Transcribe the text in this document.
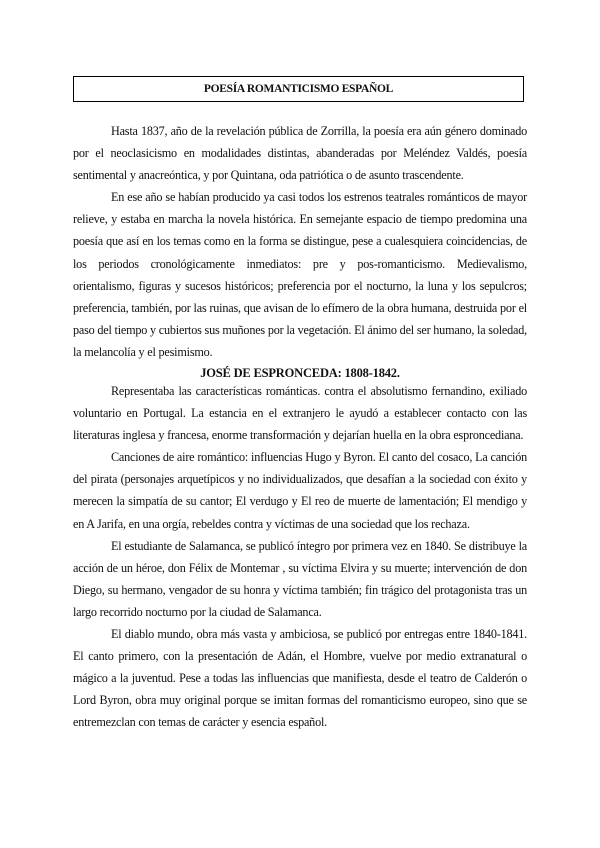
POESÍA ROMANTICISMO ESPAÑOL

Hasta 1837, año de la revelación pública de Zorrilla, la poesía era aún género dominado por el neoclasicismo en modalidades distintas, abanderadas por Meléndez Valdés, poesía sentimental y anacreóntica, y por Quintana, oda patriótica o de asunto trascendente.

En ese año se habían producido ya casi todos los estrenos teatrales románticos de mayor relieve, y estaba en marcha la novela histórica. En semejante espacio de tiempo predomina una poesía que así en los temas como en la forma se distingue, pese a cualesquiera coincidencias, de los periodos cronológicamente inmediatos: pre y pos-romanticismo. Medievalismo, orientalismo, figuras y sucesos históricos; preferencia por el nocturno, la luna y los sepulcros; preferencia, también, por las ruinas, que avisan de lo efímero de la obra humana, destruida por el paso del tiempo y cubiertos sus muñones por la vegetación. El ánimo del ser humano, la soledad, la melancolía y el pesimismo.

JOSÉ DE ESPRONCEDA: 1808-1842.

Representaba las características románticas. contra el absolutismo fernandino, exiliado voluntario en Portugal. La estancia en el extranjero le ayudó a establecer contacto con las literaturas inglesa y francesa, enorme transformación y dejarían huella en la obra esproncediana.

Canciones de aire romántico: influencias Hugo y Byron. El canto del cosaco, La canción del pirata (personajes arquetípicos y no individualizados, que desafían a la sociedad con éxito y merecen la simpatía de su cantor; El verdugo y El reo de muerte de lamentación; El mendigo y en A Jarifa, en una orgía, rebeldes contra y víctimas de una sociedad que los rechaza.

El estudiante de Salamanca, se publicó íntegro por primera vez en 1840. Se distribuye la acción de un héroe, don Félix de Montemar , su víctima Elvira y su muerte; intervención de don Diego, su hermano, vengador de su honra y víctima también; fin trágico del protagonista tras un largo recorrido nocturno por la ciudad de Salamanca.

El diablo mundo, obra más vasta y ambiciosa, se publicó por entregas entre 1840-1841. El canto primero, con la presentación de Adán, el Hombre, vuelve por medio extranatural o mágico a la juventud. Pese a todas las influencias que manifiesta, desde el teatro de Calderón o Lord Byron, obra muy original porque se imitan formas del romanticismo europeo, sino que se entremezclan con temas de carácter y esencia español.
